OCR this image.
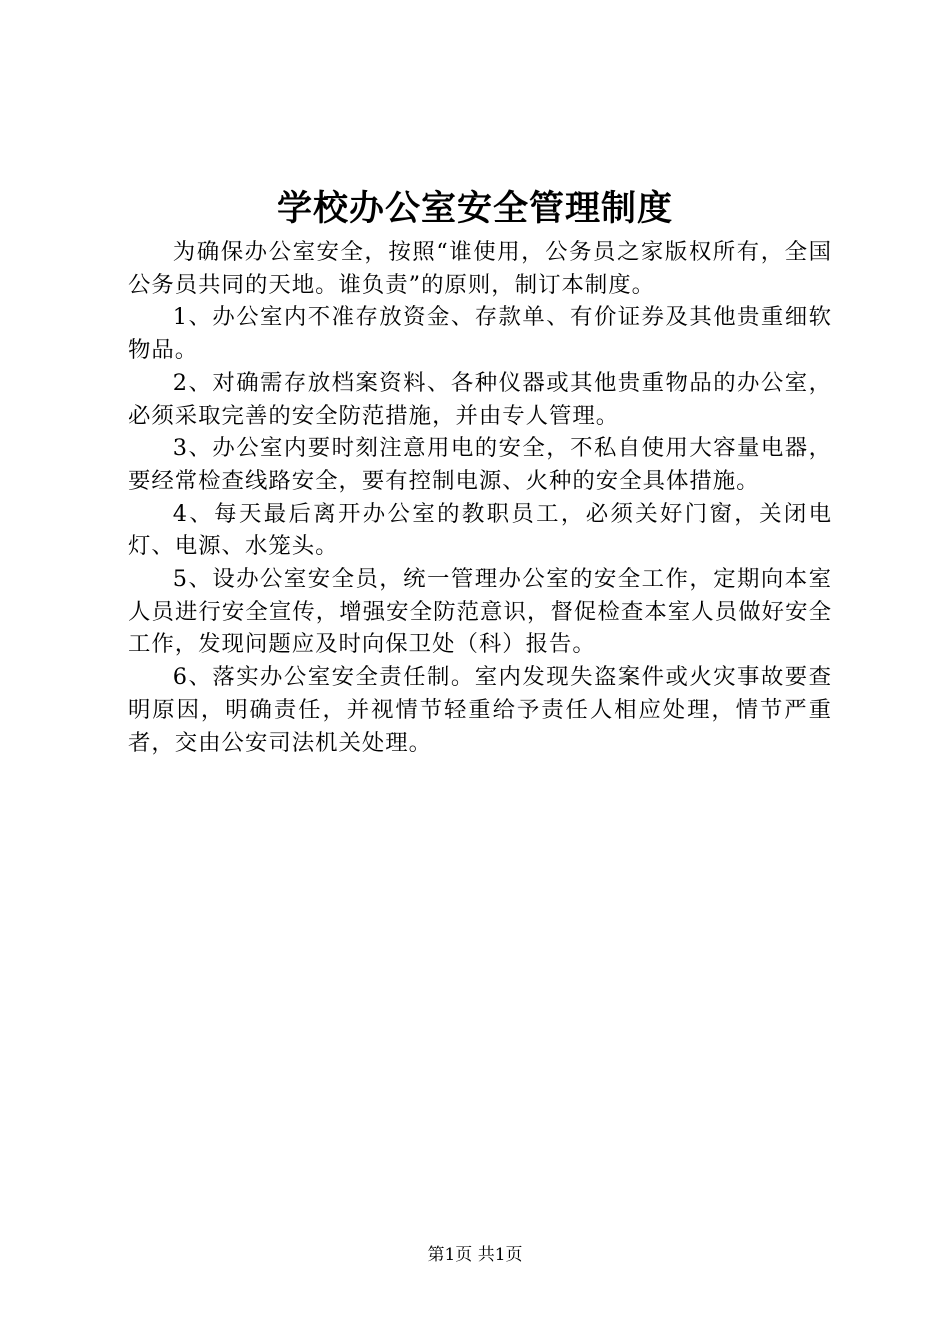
学校办公室安全管理制度

为确保办公室安全，按照“谁使用，公务员之家版权所有，全国公务员共同的天地。谁负责”的原则，制订本制度。

1、办公室内不准存放资金、存款单、有价证券及其他贵重细软物品。

2、对确需存放档案资料、各种仪器或其他贵重物品的办公室，必须采取完善的安全防范措施，并由专人管理。

3、办公室内要时刻注意用电的安全，不私自使用大容量电器，要经常检查线路安全，要有控制电源、火种的安全具体措施。

4、每天最后离开办公室的教职员工，必须关好门窗，关闭电灯、电源、水笼头。

5、设办公室安全员，统一管理办公室的安全工作，定期向本室人员进行安全宣传，增强安全防范意识，督促检查本室人员做好安全工作，发现问题应及时向保卫处（科）报告。

6、落实办公室安全责任制。室内发现失盗案件或火灾事故要查明原因，明确责任，并视情节轻重给予责任人相应处理，情节严重者，交由公安司法机关处理。

第1页 共1页
